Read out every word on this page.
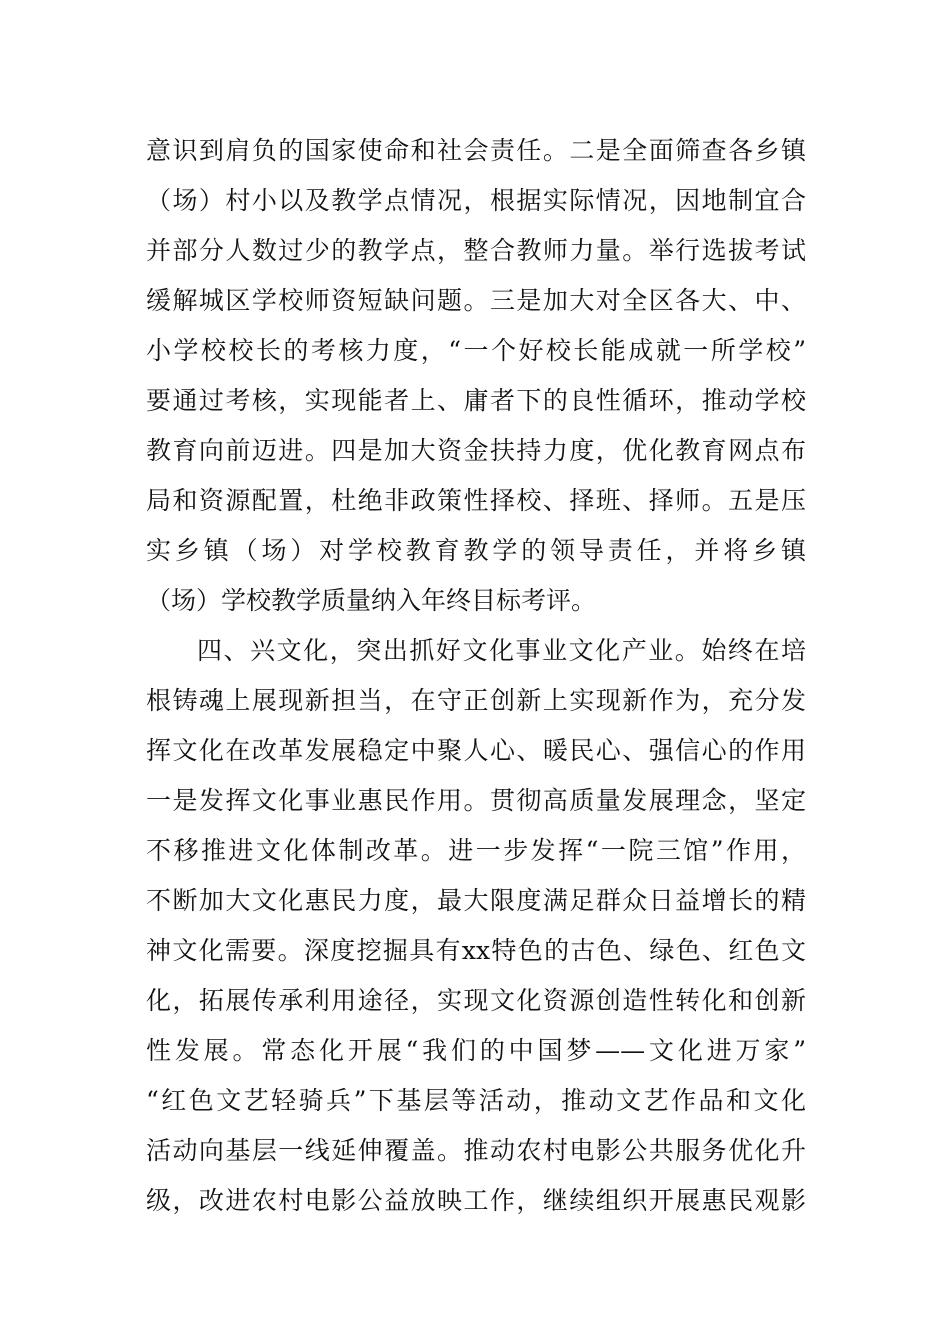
意识到肩负的国家使命和社会责任。二是全面筛查各乡镇
（场）村小以及教学点情况，根据实际情况，因地制宜合
并部分人数过少的教学点，整合教师力量。举行选拔考试
缓解城区学校师资短缺问题。三是加大对全区各大、中、
小学校校长的考核力度，“一个好校长能成就一所学校”
要通过考核，实现能者上、庸者下的良性循环，推动学校
教育向前迈进。四是加大资金扶持力度，优化教育网点布
局和资源配置，杜绝非政策性择校、择班、择师。五是压
实乡镇（场）对学校教育教学的领导责任，并将乡镇
（场）学校教学质量纳入年终目标考评。
四、兴文化，突出抓好文化事业文化产业。始终在培
根铸魂上展现新担当，在守正创新上实现新作为，充分发
挥文化在改革发展稳定中聚人心、暖民心、强信心的作用
一是发挥文化事业惠民作用。贯彻高质量发展理念，坚定
不移推进文化体制改革。进一步发挥“一院三馆”作用，
不断加大文化惠民力度，最大限度满足群众日益增长的精
神文化需要。深度挖掘具有xx特色的古色、绿色、红色文
化，拓展传承利用途径，实现文化资源创造性转化和创新
性发展。常态化开展“我们的中国梦——文化进万家”
“红色文艺轻骑兵”下基层等活动，推动文艺作品和文化
活动向基层一线延伸覆盖。推动农村电影公共服务优化升
级，改进农村电影公益放映工作，继续组织开展惠民观影
